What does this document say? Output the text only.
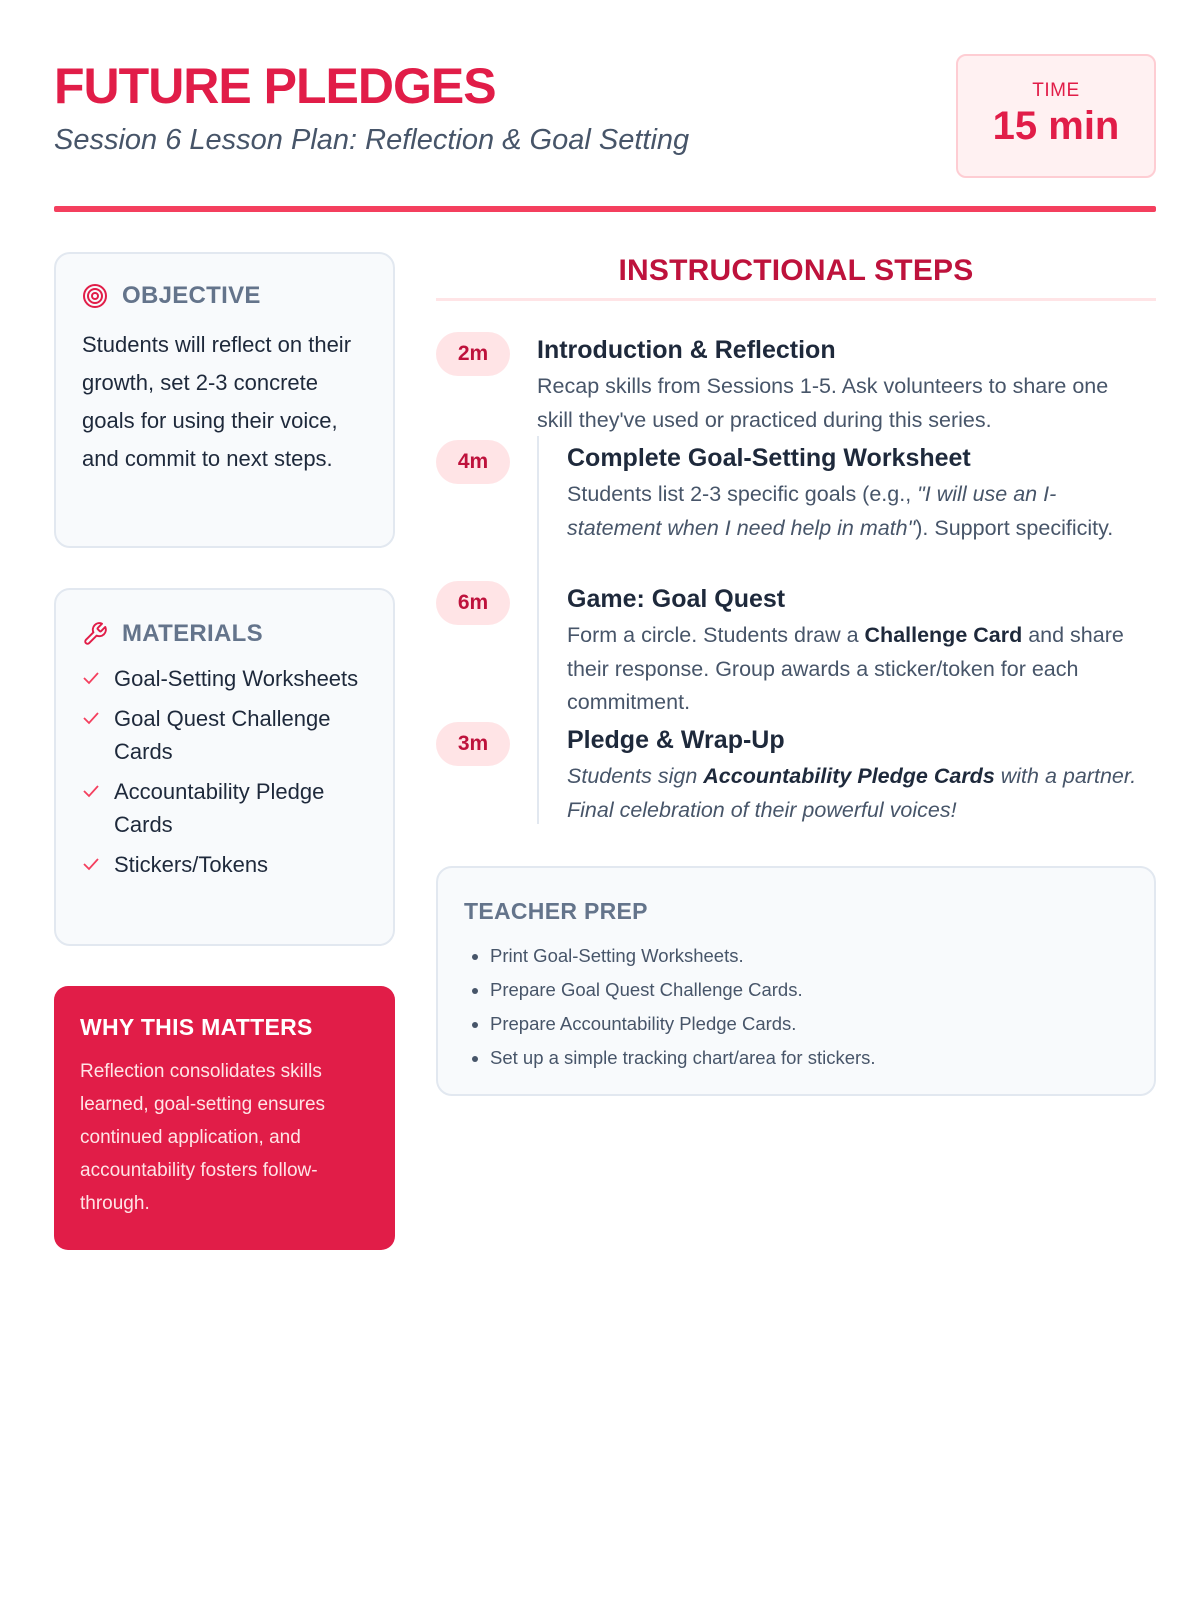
FUTURE PLEDGES
Session 6 Lesson Plan: Reflection & Goal Setting
TIME
15 min
OBJECTIVE

Students will reflect on their growth, set 2-3 concrete goals for using their voice, and commit to next steps.

MATERIALS
Goal-Setting Worksheets
Goal Quest Challenge Cards
Accountability Pledge Cards
Stickers/Tokens
WHY THIS MATTERS

Reflection consolidates skills learned, goal-setting ensures continued application, and accountability fosters follow-through.

INSTRUCTIONAL STEPS
2m	Introduction & Reflection

Recap skills from Sessions 1-5. Ask volunteers to share one skill they've used or practiced during this series.

4m	Complete Goal-Setting Worksheet

Students list 2-3 specific goals (e.g., "I will use an I-statement when I need help in math"). Support specificity.

6m	Game: Goal Quest

Form a circle. Students draw a Challenge Card and share their response. Group awards a sticker/token for each commitment.

3m	Pledge & Wrap-Up

Students sign Accountability Pledge Cards with a partner. Final celebration of their powerful voices!

TEACHER PREP
• Print Goal-Setting Worksheets.
• Prepare Goal Quest Challenge Cards.
• Prepare Accountability Pledge Cards.
• Set up a simple tracking chart/area for stickers.
